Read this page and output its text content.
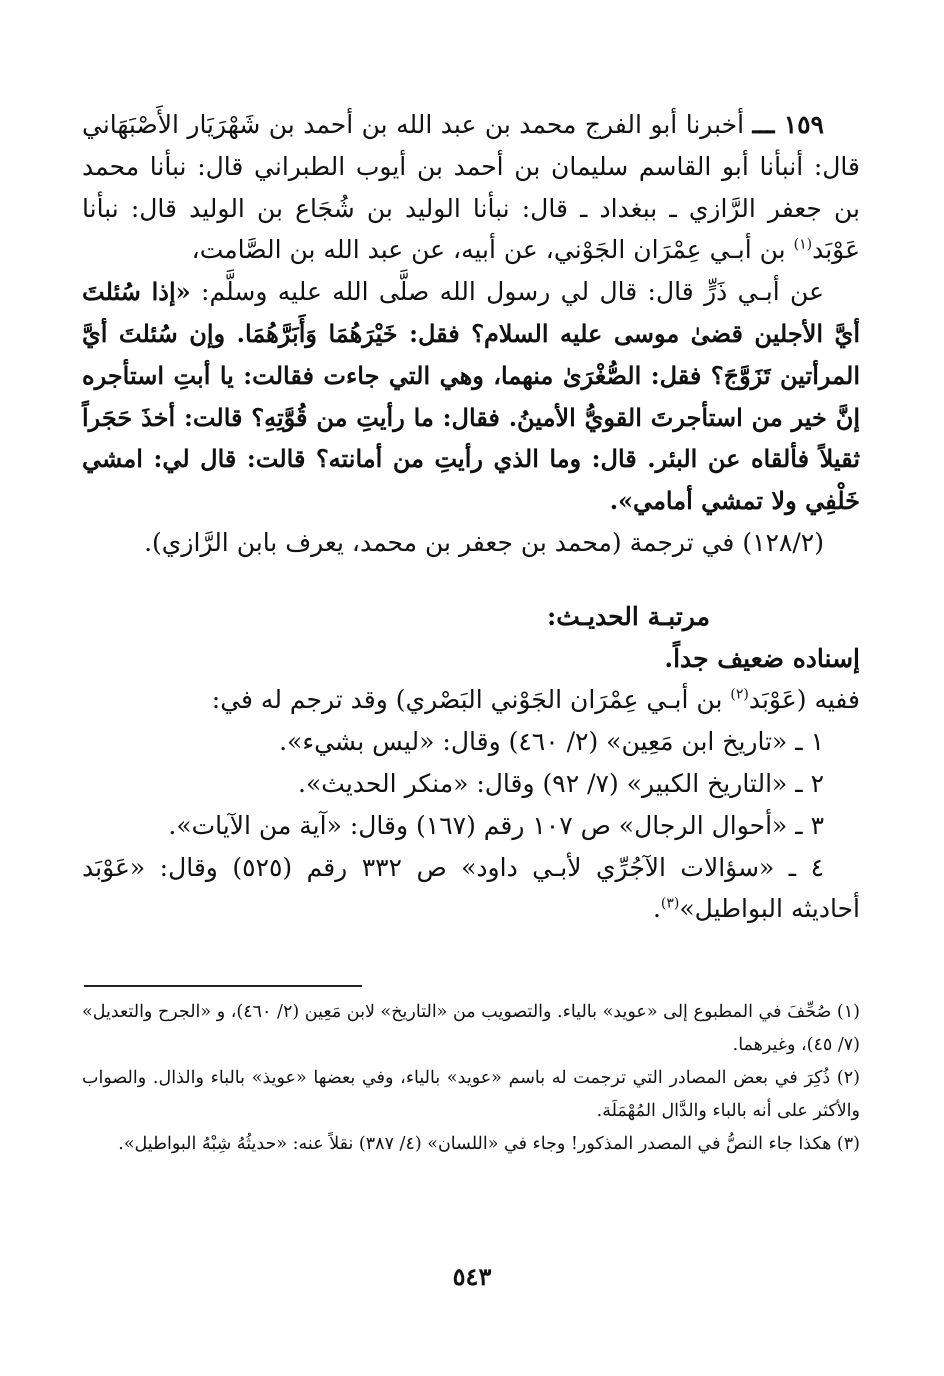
١٥٩ ـــ أخبرنا أبو الفرج محمد بن عبد الله بن أحمد بن شَهْرَيَار الأَصْبَهَاني قال: أنبأنا أبو القاسم سليمان بن أحمد بن أيوب الطبراني قال: نبأنا محمد بن جعفر الرَّازي ـ ببغداد ـ قال: نبأنا الوليد بن شُجَاع بن الوليد قال: نبأنا عَوْبَد$^{(١)}$ بن أبـي عِمْرَان الجَوْني، عن أبيه، عن عبد الله بن الصَّامت،

عن أبـي ذَرٍّ قال: قال لي رسول الله صلَّى الله عليه وسلَّم: «إذا سُئلتَ أيَّ الأجلين قضىٰ موسى عليه السلام؟ فقل: خَيْرَهُمَا وَأَبَرَّهُمَا. وإن سُئلتَ أيَّ المرأتين تَزَوَّجَ؟ فقل: الصُّغْرَىٰ منهما، وهي التي جاءت فقالت: يا أبتِ استأجره إنَّ خير من استأجرتَ القويُّ الأمينُ. فقال: ما رأيتِ من قُوَّتِهِ؟ قالت: أخذَ حَجَراً ثقيلاً فألقاه عن البئر. قال: وما الذي رأيتِ من أمانته؟ قالت: قال لي: امشي خَلْفِي ولا تمشي أمامي».

(١٢٨/٢) في ترجمة (محمد بن جعفر بن محمد، يعرف بابن الرَّازي).

مرتبـة الحديـث:

إسناده ضعيف جداً.

ففيه (عَوْبَد$^{(٢)}$ بن أبـي عِمْرَان الجَوْني البَصْري) وقد ترجم له في:

١ ـ «تاريخ ابن مَعِين» (٢/ ٤٦٠) وقال: «ليس بشيء».

٢ ـ «التاريخ الكبير» (٧/ ٩٢) وقال: «منكر الحديث».

٣ ـ «أحوال الرجال» ص ١٠٧ رقم (١٦٧) وقال: «آية من الآيات».

٤ ـ «سؤالات الآجُرِّي لأبـي داود» ص ٣٣٢ رقم (٥٢٥) وقال: «عَوْبَد أحاديثه البواطيل»$^{(٣)}$.

(١) صُحِّفَ في المطبوع إلى «عويد» بالياء. والتصويب من «التاريخ» لابن مَعِين (٢/ ٤٦٠)، و «الجرح والتعديل» (٧/ ٤٥)، وغيرهما.

(٢) ذُكِرَ في بعض المصادر التي ترجمت له باسم «عويد» بالياء، وفي بعضها «عويذ» بالباء والذال. والصواب والأكثر على أنه بالباء والدَّال المُهْمَلَة.

(٣) هكذا جاء النصُّ في المصدر المذكور! وجاء في «اللسان» (٤/ ٣٨٧) نقلاً عنه: «حديثُهُ شِبْهُ البواطيل».

٥٤٣
